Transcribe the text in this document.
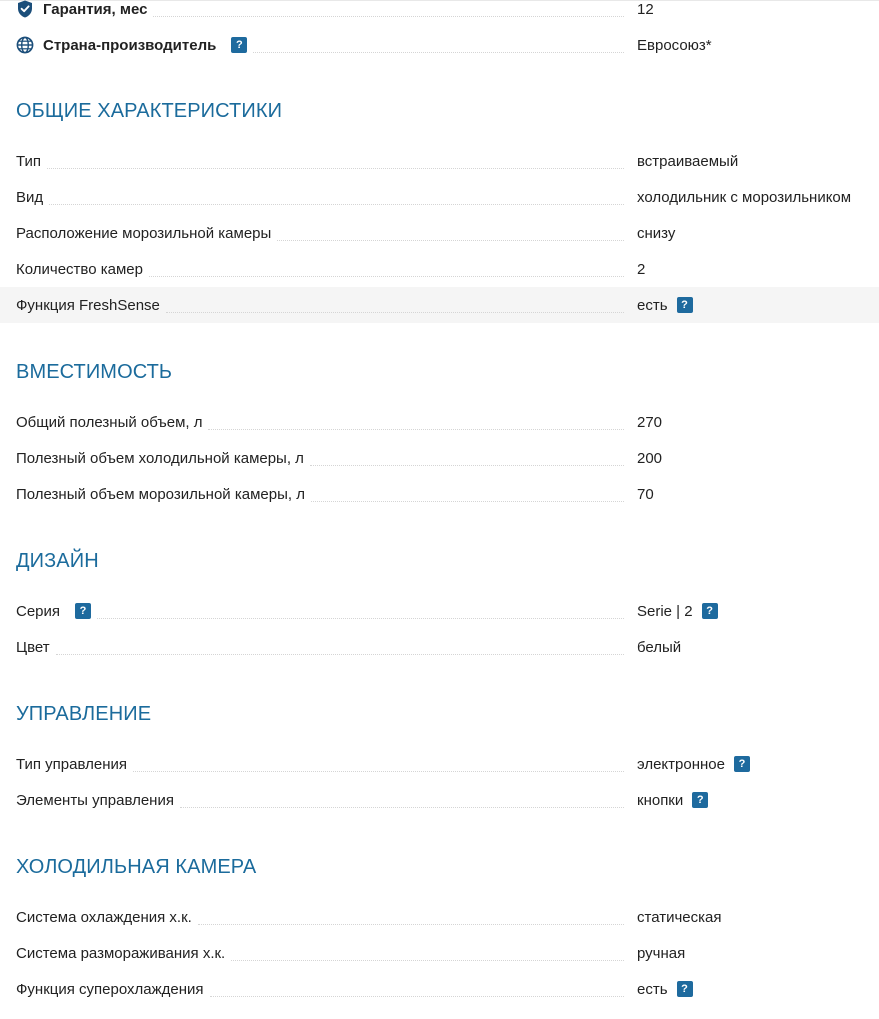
Гарантия, мес	12
Страна-производитель	?	Евросоюз*
ОБЩИЕ ХАРАКТЕРИСТИКИ
Тип	встраиваемый
Вид	холодильник с морозильником
Расположение морозильной камеры	снизу
Количество камер	2
Функция FreshSense	есть	?
ВМЕСТИМОСТЬ
Общий полезный объем, л	270
Полезный объем холодильной камеры, л	200
Полезный объем морозильной камеры, л	70
ДИЗАЙН
Серия	?	Serie | 2	?
Цвет	белый
УПРАВЛЕНИЕ
Тип управления	электронное	?
Элементы управления	кнопки	?
ХОЛОДИЛЬНАЯ КАМЕРА
Система охлаждения х.к.	статическая
Система размораживания х.к.	ручная
Функция суперохлаждения	есть	?
